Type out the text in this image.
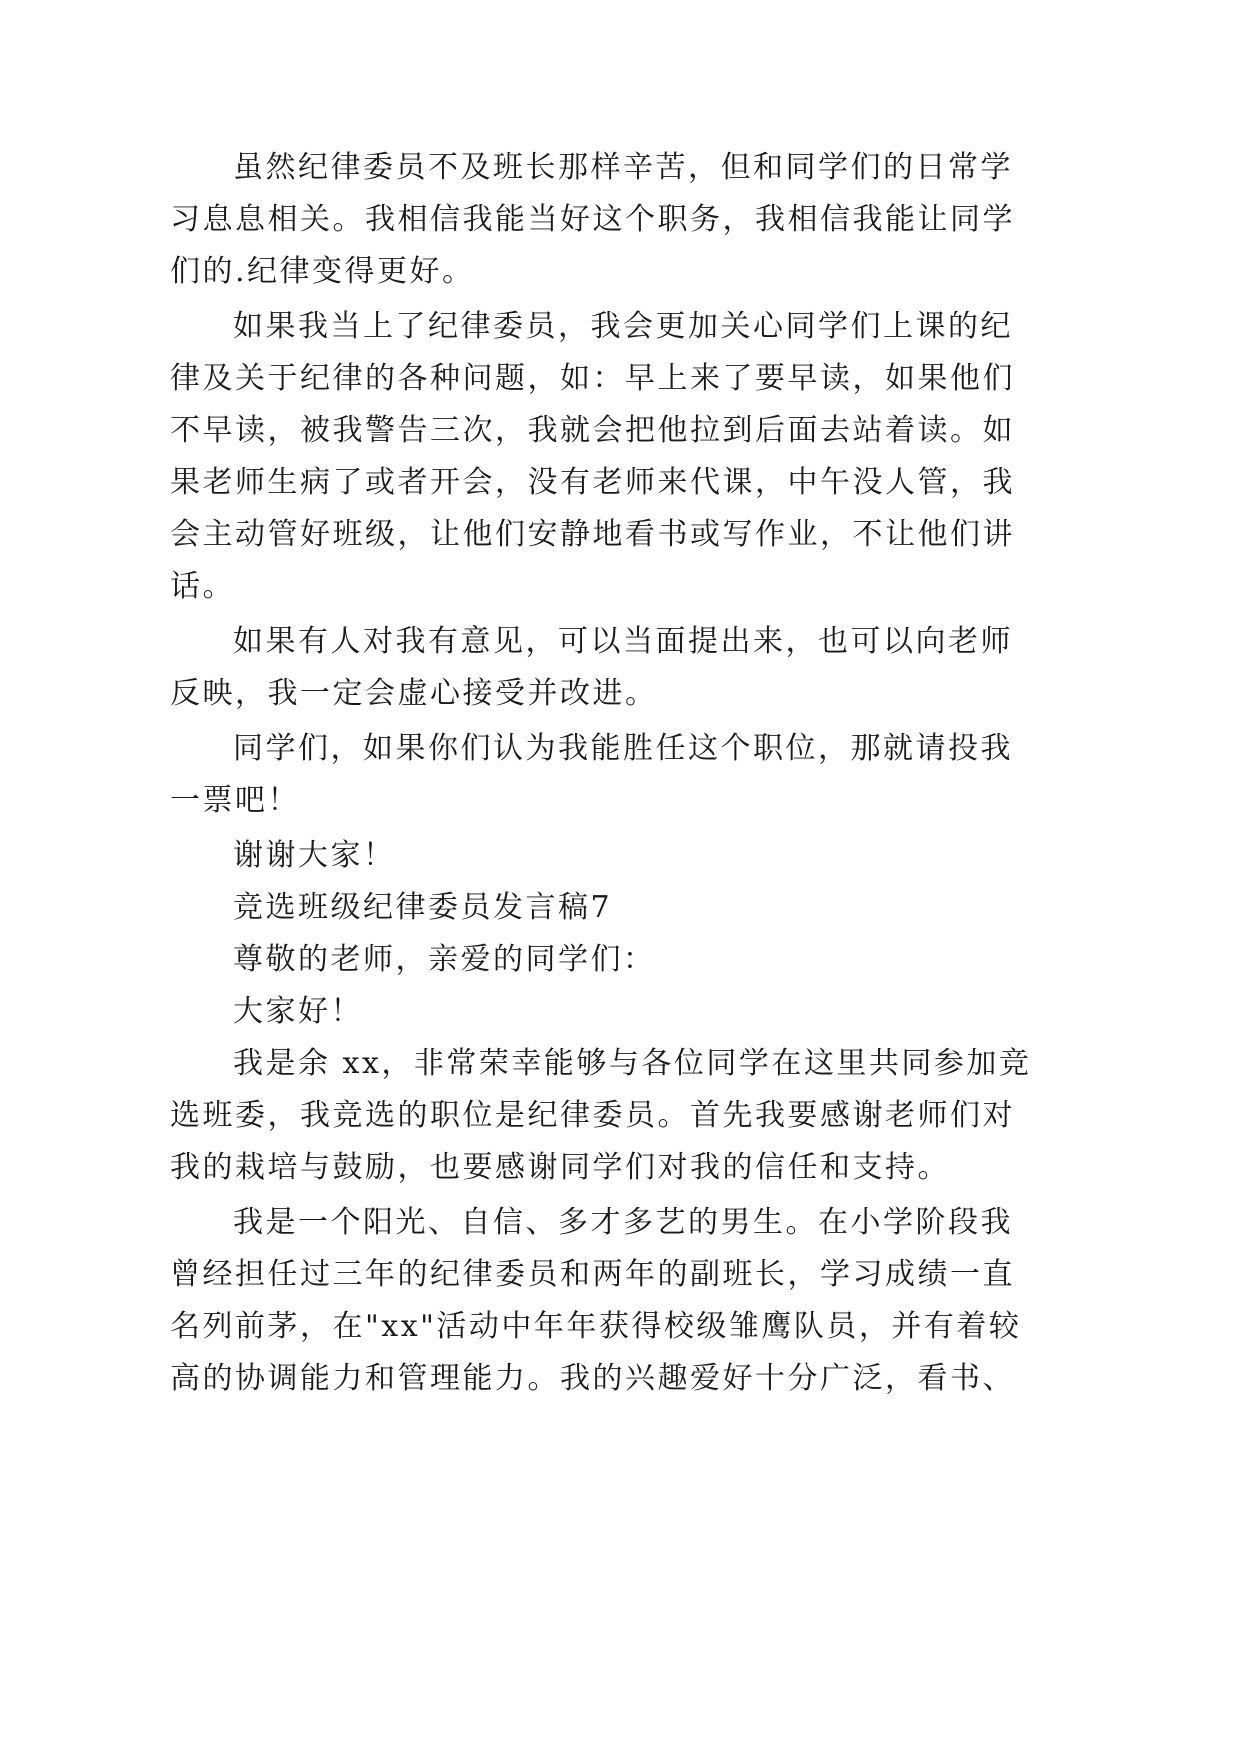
虽然纪律委员不及班长那样辛苦，但和同学们的日常学
习息息相关。我相信我能当好这个职务，我相信我能让同学
们的.纪律变得更好。
如果我当上了纪律委员，我会更加关心同学们上课的纪
律及关于纪律的各种问题，如：早上来了要早读，如果他们
不早读，被我警告三次，我就会把他拉到后面去站着读。如
果老师生病了或者开会，没有老师来代课，中午没人管，我
会主动管好班级，让他们安静地看书或写作业，不让他们讲
话。
如果有人对我有意见，可以当面提出来，也可以向老师
反映，我一定会虚心接受并改进。
同学们，如果你们认为我能胜任这个职位，那就请投我
一票吧！
谢谢大家！
竞选班级纪律委员发言稿7
尊敬的老师，亲爱的同学们：
大家好！
我是余 xx，非常荣幸能够与各位同学在这里共同参加竞
选班委，我竞选的职位是纪律委员。首先我要感谢老师们对
我的栽培与鼓励，也要感谢同学们对我的信任和支持。
我是一个阳光、自信、多才多艺的男生。在小学阶段我
曾经担任过三年的纪律委员和两年的副班长，学习成绩一直
名列前茅，在"xx"活动中年年获得校级雏鹰队员，并有着较
高的协调能力和管理能力。我的兴趣爱好十分广泛，看书、
